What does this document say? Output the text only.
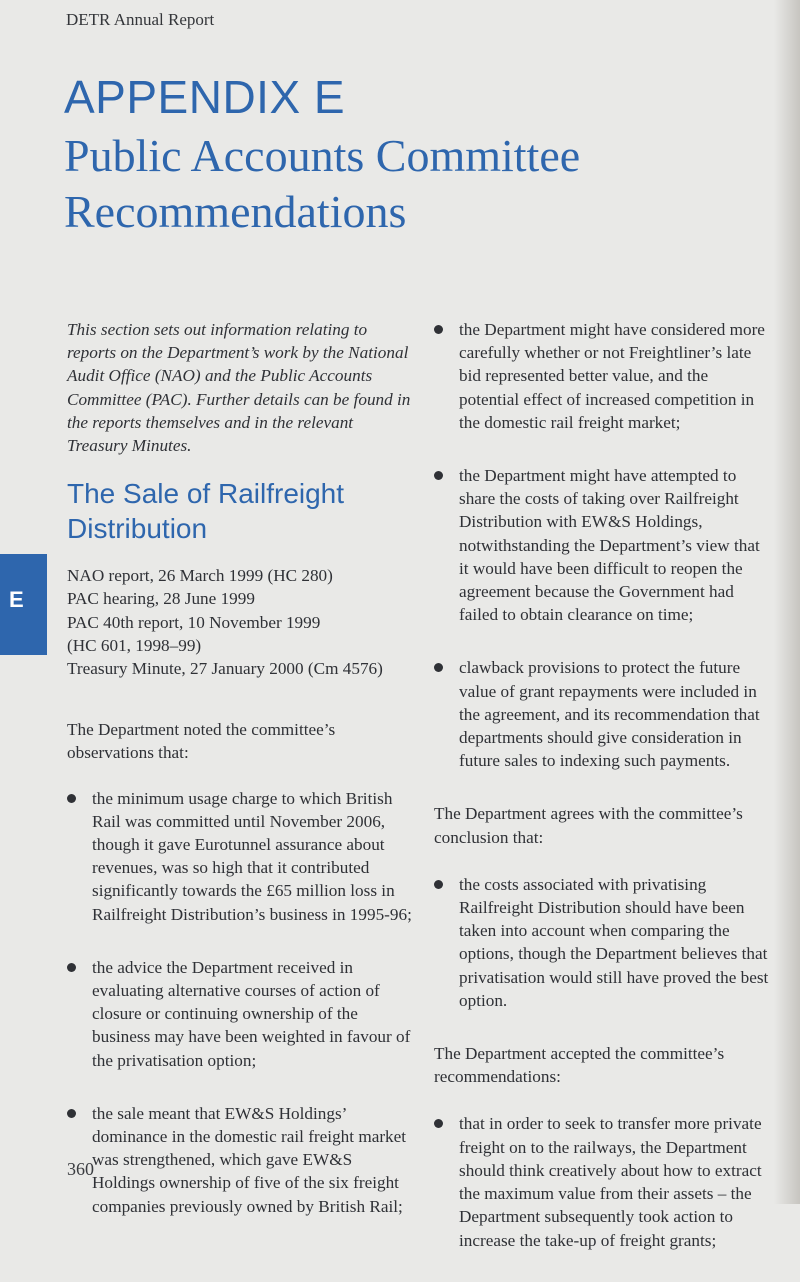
DETR Annual Report
APPENDIX E
Public Accounts Committee Recommendations
E

This section sets out information relating to reports on the Department’s work by the National Audit Office (NAO) and the Public Accounts Committee (PAC). Further details can be found in the reports themselves and in the relevant Treasury Minutes.

The Sale of Railfreight Distribution
NAO report, 26 March 1999 (HC 280)
PAC hearing, 28 June 1999
PAC 40th report, 10 November 1999
(HC 601, 1998–99)
Treasury Minute, 27 January 2000 (Cm 4576)

The Department noted the committee’s observations that:

the minimum usage charge to which British Rail was committed until November 2006, though it gave Eurotunnel assurance about revenues, was so high that it contributed significantly towards the £65 million loss in Railfreight Distribution’s business in 1995-96;
the advice the Department received in evaluating alternative courses of action of closure or continuing ownership of the business may have been weighted in favour of the privatisation option;
the sale meant that EW&S Holdings’ dominance in the domestic rail freight market was strengthened, which gave EW&S Holdings ownership of five of the six freight companies previously owned by British Rail;
the Department might have considered more carefully whether or not Freightliner’s late bid represented better value, and the potential effect of increased competition in the domestic rail freight market;
the Department might have attempted to share the costs of taking over Railfreight Distribution with EW&S Holdings, notwithstanding the Department’s view that it would have been difficult to reopen the agreement because the Government had failed to obtain clearance on time;
clawback provisions to protect the future value of grant repayments were included in the agreement, and its recommendation that departments should give consideration in future sales to indexing such payments.

The Department agrees with the committee’s conclusion that:

the costs associated with privatising Railfreight Distribution should have been taken into account when comparing the options, though the Department believes that privatisation would still have proved the best option.

The Department accepted the committee’s recommendations:

that in order to seek to transfer more private freight on to the railways, the Department should think creatively about how to extract the maximum value from their assets – the Department subsequently took action to increase the take-up of freight grants;
360
